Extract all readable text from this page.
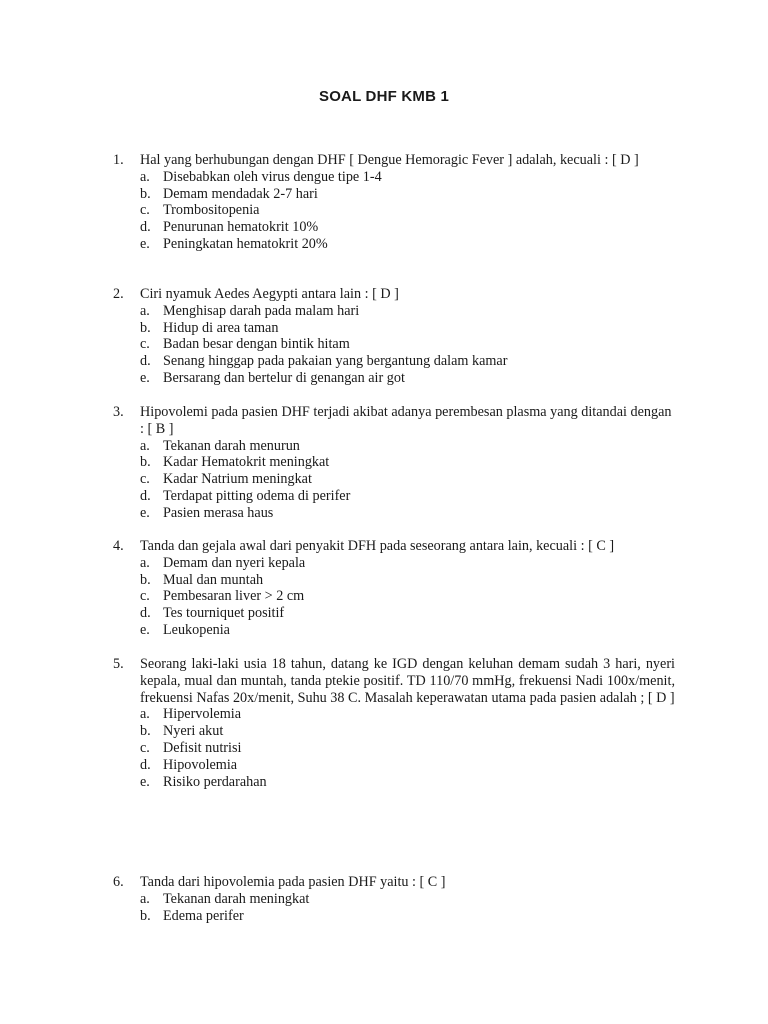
SOAL DHF KMB 1
1. Hal yang berhubungan dengan DHF [ Dengue Hemoragic Fever ] adalah, kecuali : [ D ]
a. Disebabkan oleh virus dengue tipe 1-4
b. Demam mendadak 2-7 hari
c. Trombositopenia
d. Penurunan hematokrit 10%
e. Peningkatan hematokrit 20%
2. Ciri nyamuk Aedes Aegypti antara lain : [ D ]
a. Menghisap darah pada malam hari
b. Hidup di area taman
c. Badan besar dengan bintik hitam
d. Senang hinggap pada pakaian yang bergantung dalam kamar
e. Bersarang dan bertelur di genangan air got
3. Hipovolemi pada pasien DHF terjadi akibat adanya perembesan plasma yang ditandai dengan : [ B ]
a. Tekanan darah menurun
b. Kadar Hematokrit meningkat
c. Kadar Natrium meningkat
d. Terdapat pitting odema di perifer
e. Pasien merasa haus
4. Tanda dan gejala awal dari penyakit DFH pada seseorang antara lain, kecuali : [ C ]
a. Demam dan nyeri kepala
b. Mual dan muntah
c. Pembesaran liver > 2 cm
d. Tes tourniquet positif
e. Leukopenia
5. Seorang laki-laki usia 18 tahun, datang ke IGD dengan keluhan demam sudah 3 hari, nyeri kepala, mual dan muntah, tanda ptekie positif. TD 110/70 mmHg, frekuensi Nadi 100x/menit, frekuensi Nafas 20x/menit, Suhu 38 C. Masalah keperawatan utama pada pasien adalah ; [ D ]
a. Hipervolemia
b. Nyeri akut
c. Defisit nutrisi
d. Hipovolemia
e. Risiko perdarahan
6. Tanda dari hipovolemia pada pasien DHF yaitu : [ C ]
a. Tekanan darah meningkat
b. Edema perifer
